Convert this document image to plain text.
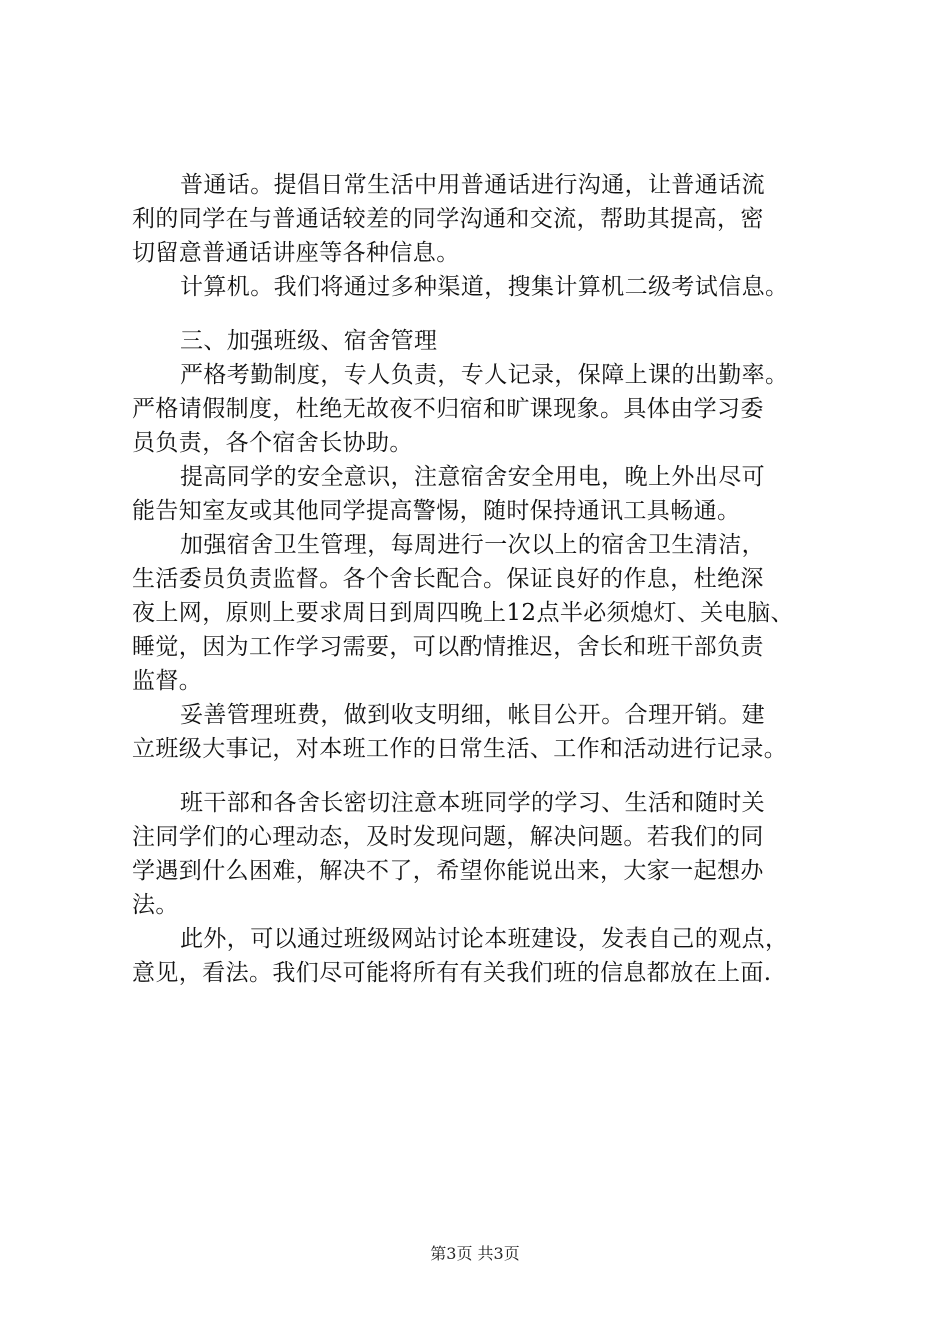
普通话。提倡日常生活中用普通话进行沟通，让普通话流
利的同学在与普通话较差的同学沟通和交流，帮助其提高，密
切留意普通话讲座等各种信息。
计算机。我们将通过多种渠道，搜集计算机二级考试信息。
三、加强班级、宿舍管理
严格考勤制度，专人负责，专人记录，保障上课的出勤率。
严格请假制度，杜绝无故夜不归宿和旷课现象。具体由学习委
员负责，各个宿舍长协助。
提高同学的安全意识，注意宿舍安全用电，晚上外出尽可
能告知室友或其他同学提高警惕，随时保持通讯工具畅通。
加强宿舍卫生管理，每周进行一次以上的宿舍卫生清洁，
生活委员负责监督。各个舍长配合。保证良好的作息，杜绝深
夜上网，原则上要求周日到周四晚上12点半必须熄灯、关电脑、
睡觉，因为工作学习需要，可以酌情推迟，舍长和班干部负责
监督。
妥善管理班费，做到收支明细，帐目公开。合理开销。建
立班级大事记，对本班工作的日常生活、工作和活动进行记录。
班干部和各舍长密切注意本班同学的学习、生活和随时关
注同学们的心理动态，及时发现问题，解决问题。若我们的同
学遇到什么困难，解决不了，希望你能说出来，大家一起想办
法。
此外，可以通过班级网站讨论本班建设，发表自己的观点，
意见，看法。我们尽可能将所有有关我们班的信息都放在上面.
第3页 共3页
